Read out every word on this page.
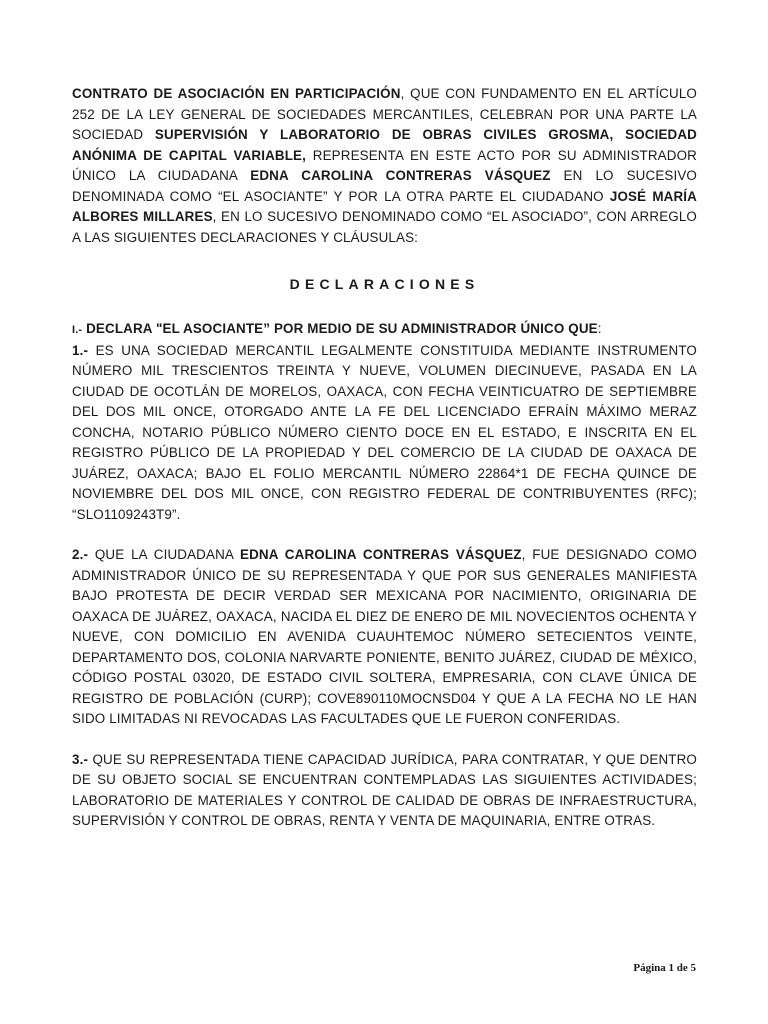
CONTRATO DE ASOCIACIÓN EN PARTICIPACIÓN, QUE CON FUNDAMENTO EN EL ARTÍCULO 252 DE LA LEY GENERAL DE SOCIEDADES MERCANTILES, CELEBRAN POR UNA PARTE LA SOCIEDAD SUPERVISIÓN Y LABORATORIO DE OBRAS CIVILES GROSMA, SOCIEDAD ANÓNIMA DE CAPITAL VARIABLE, REPRESENTA EN ESTE ACTO POR SU ADMINISTRADOR ÚNICO LA CIUDADANA EDNA CAROLINA CONTRERAS VÁSQUEZ EN LO SUCESIVO DENOMINADA COMO “EL ASOCIANTE” Y POR LA OTRA PARTE EL CIUDADANO JOSÉ MARÍA ALBORES MILLARES, EN LO SUCESIVO DENOMINADO COMO “EL ASOCIADO”, CON ARREGLO A LAS SIGUIENTES DECLARACIONES Y CLÁUSULAS:

DECLARACIONES

I.- DECLARA "EL ASOCIANTE” POR MEDIO DE SU ADMINISTRADOR ÚNICO QUE:

1.- ES UNA SOCIEDAD MERCANTIL LEGALMENTE CONSTITUIDA MEDIANTE INSTRUMENTO NÚMERO MIL TRESCIENTOS TREINTA Y NUEVE, VOLUMEN DIECINUEVE, PASADA EN LA CIUDAD DE OCOTLÁN DE MORELOS, OAXACA, CON FECHA VEINTICUATRO DE SEPTIEMBRE DEL DOS MIL ONCE, OTORGADO ANTE LA FE DEL LICENCIADO EFRAÍN MÁXIMO MERAZ CONCHA, NOTARIO PÚBLICO NÚMERO CIENTO DOCE EN EL ESTADO, E INSCRITA EN EL REGISTRO PÚBLICO DE LA PROPIEDAD Y DEL COMERCIO DE LA CIUDAD DE OAXACA DE JUÁREZ, OAXACA; BAJO EL FOLIO MERCANTIL NÚMERO 22864*1 DE FECHA QUINCE DE NOVIEMBRE DEL DOS MIL ONCE, CON REGISTRO FEDERAL DE CONTRIBUYENTES (RFC); “SLO1109243T9”.

2.- QUE LA CIUDADANA EDNA CAROLINA CONTRERAS VÁSQUEZ, FUE DESIGNADO COMO ADMINISTRADOR ÚNICO DE SU REPRESENTADA Y QUE POR SUS GENERALES MANIFIESTA BAJO PROTESTA DE DECIR VERDAD SER MEXICANA POR NACIMIENTO, ORIGINARIA DE OAXACA DE JUÁREZ, OAXACA, NACIDA EL DIEZ DE ENERO DE MIL NOVECIENTOS OCHENTA Y NUEVE, CON DOMICILIO EN AVENIDA CUAUHTEMOC NÚMERO SETECIENTOS VEINTE, DEPARTAMENTO DOS, COLONIA NARVARTE PONIENTE, BENITO JUÁREZ, CIUDAD DE MÉXICO, CÓDIGO POSTAL 03020, DE ESTADO CIVIL SOLTERA, EMPRESARIA, CON CLAVE ÚNICA DE REGISTRO DE POBLACIÓN (CURP); COVE890110MOCNSD04 Y QUE A LA FECHA NO LE HAN SIDO LIMITADAS NI REVOCADAS LAS FACULTADES QUE LE FUERON CONFERIDAS.

3.- QUE SU REPRESENTADA TIENE CAPACIDAD JURÍDICA, PARA CONTRATAR, Y QUE DENTRO DE SU OBJETO SOCIAL SE ENCUENTRAN CONTEMPLADAS LAS SIGUIENTES ACTIVIDADES; LABORATORIO DE MATERIALES Y CONTROL DE CALIDAD DE OBRAS DE INFRAESTRUCTURA, SUPERVISIÓN Y CONTROL DE OBRAS, RENTA Y VENTA DE MAQUINARIA, ENTRE OTRAS.

Página 1 de 5
